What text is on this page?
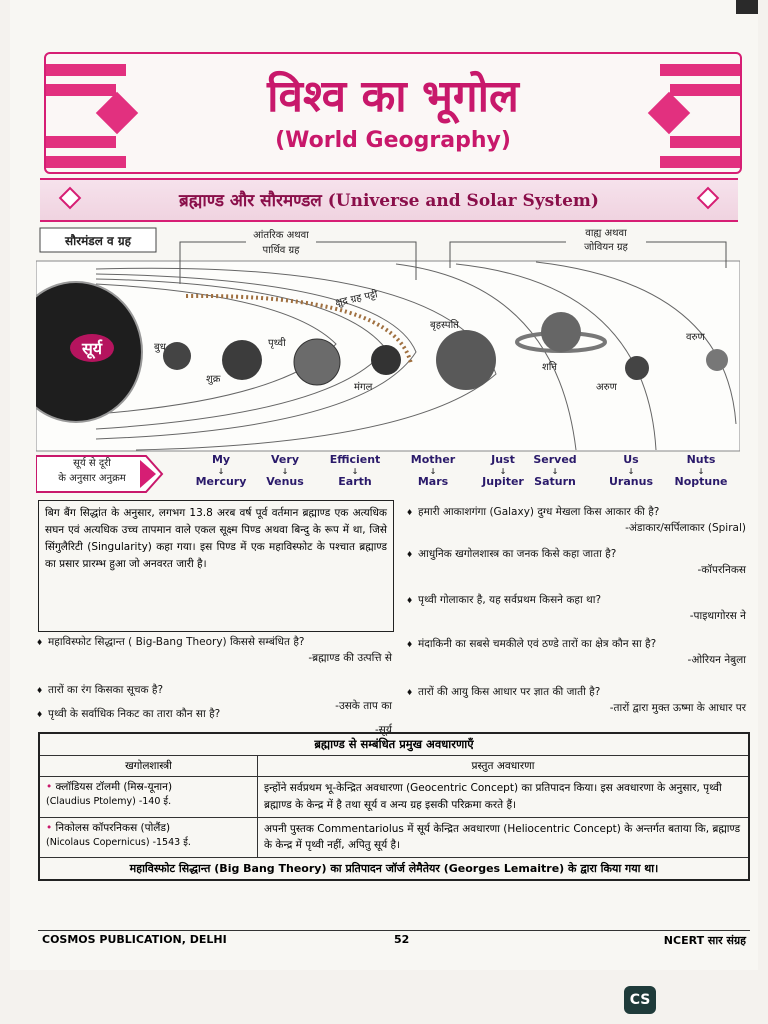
विश्व का भूगोल
(World Geography)
ब्रह्माण्ड और सौरमण्डल (Universe and Solar System)
सौरमंडल व ग्रह	आंतरिक अथवा
पार्थिव ग्रह
वाह्य अथवा
जोवियन ग्रह
क्षुद्र ग्रह पट्टी
सूर्य	बुध
शुक्र
पृथ्वी
मंगल
बृहस्पति
शनि
अरुण
वरुण
सूर्य से दूरी
के अनुसार अनुक्रम
My
↓
Mercury
Very
↓
Venus
Efficient
↓
Earth
Mother
↓
Mars
Just
↓
Jupiter
Served
↓
Saturn
Us
↓
Uranus
Nuts
↓
Noptune
बिग बैंग सिद्धांत के अनुसार, लगभग 13.8 अरब वर्ष पूर्व वर्तमान ब्रह्माण्ड एक अत्यधिक सघन एवं अत्यधिक उच्च तापमान वाले एकल सूक्ष्म पिण्ड अथवा बिन्दु के रूप में था, जिसे सिंगुलैरिटी (Singularity) कहा गया। इस पिण्ड में एक महाविस्फोट के पश्चात ब्रह्माण्ड का प्रसार प्रारम्भ हुआ जो अनवरत जारी है।
♦ महाविस्फोट सिद्धान्त ( Big-Bang Theory) किससे सम्बंधित है?
-ब्रह्माण्ड की उत्पत्ति से
♦ तारों का रंग किसका सूचक है?
-उसके ताप का
♦ पृथ्वी के सर्वाधिक निकट का तारा कौन सा है?
-सूर्य
♦ हमारी आकाशगंगा (Galaxy) दुग्ध मेखला किस आकार की है?
-अंडाकार/सर्पिलाकार (Spiral)
♦ आधुनिक खगोलशास्त्र का जनक किसे कहा जाता है?
-कॉपरनिकस
♦ पृथ्वी गोलाकार है, यह सर्वप्रथम किसने कहा था?
-पाइथागोरस ने
♦ मंदाकिनी का सबसे चमकीले एवं ठण्डे तारों का क्षेत्र कौन सा है?
-ओरियन नेबुला
♦ तारों की आयु किस आधार पर ज्ञात की जाती है?
-तारों द्वारा मुक्त ऊष्मा के आधार पर
ब्रह्माण्ड से सम्बंधित प्रमुख अवधारणाएँ	
खगोलशास्त्री	प्रस्तुत अवधारणा
• क्लॉडियस टॉलमी (मिस्र-यूनान)
(Claudius Ptolemy) -140 ई.	इन्होंने सर्वप्रथम भू-केन्द्रित अवधारणा (Geocentric Concept) का प्रतिपादन किया। इस अवधारणा के अनुसार, पृथ्वी ब्रह्माण्ड के केन्द्र में है तथा सूर्य व अन्य ग्रह इसकी परिक्रमा करते हैं।
• निकोलस कॉपरनिकस (पोलैंड)
(Nicolaus Copernicus) -1543 ई.	अपनी पुस्तक Commentariolus में सूर्य केन्द्रित अवधारणा (Heliocentric Concept) के अन्तर्गत बताया कि, ब्रह्माण्ड के केन्द्र में पृथ्वी नहीं, अपितु सूर्य है।
महाविस्फोट सिद्धान्त (Big Bang Theory) का प्रतिपादन जॉर्ज लेमैतेयर (Georges Lemaitre) के द्वारा किया गया था।	
COSMOS PUBLICATION, DELHI	52	NCERT सार संग्रह
CS
